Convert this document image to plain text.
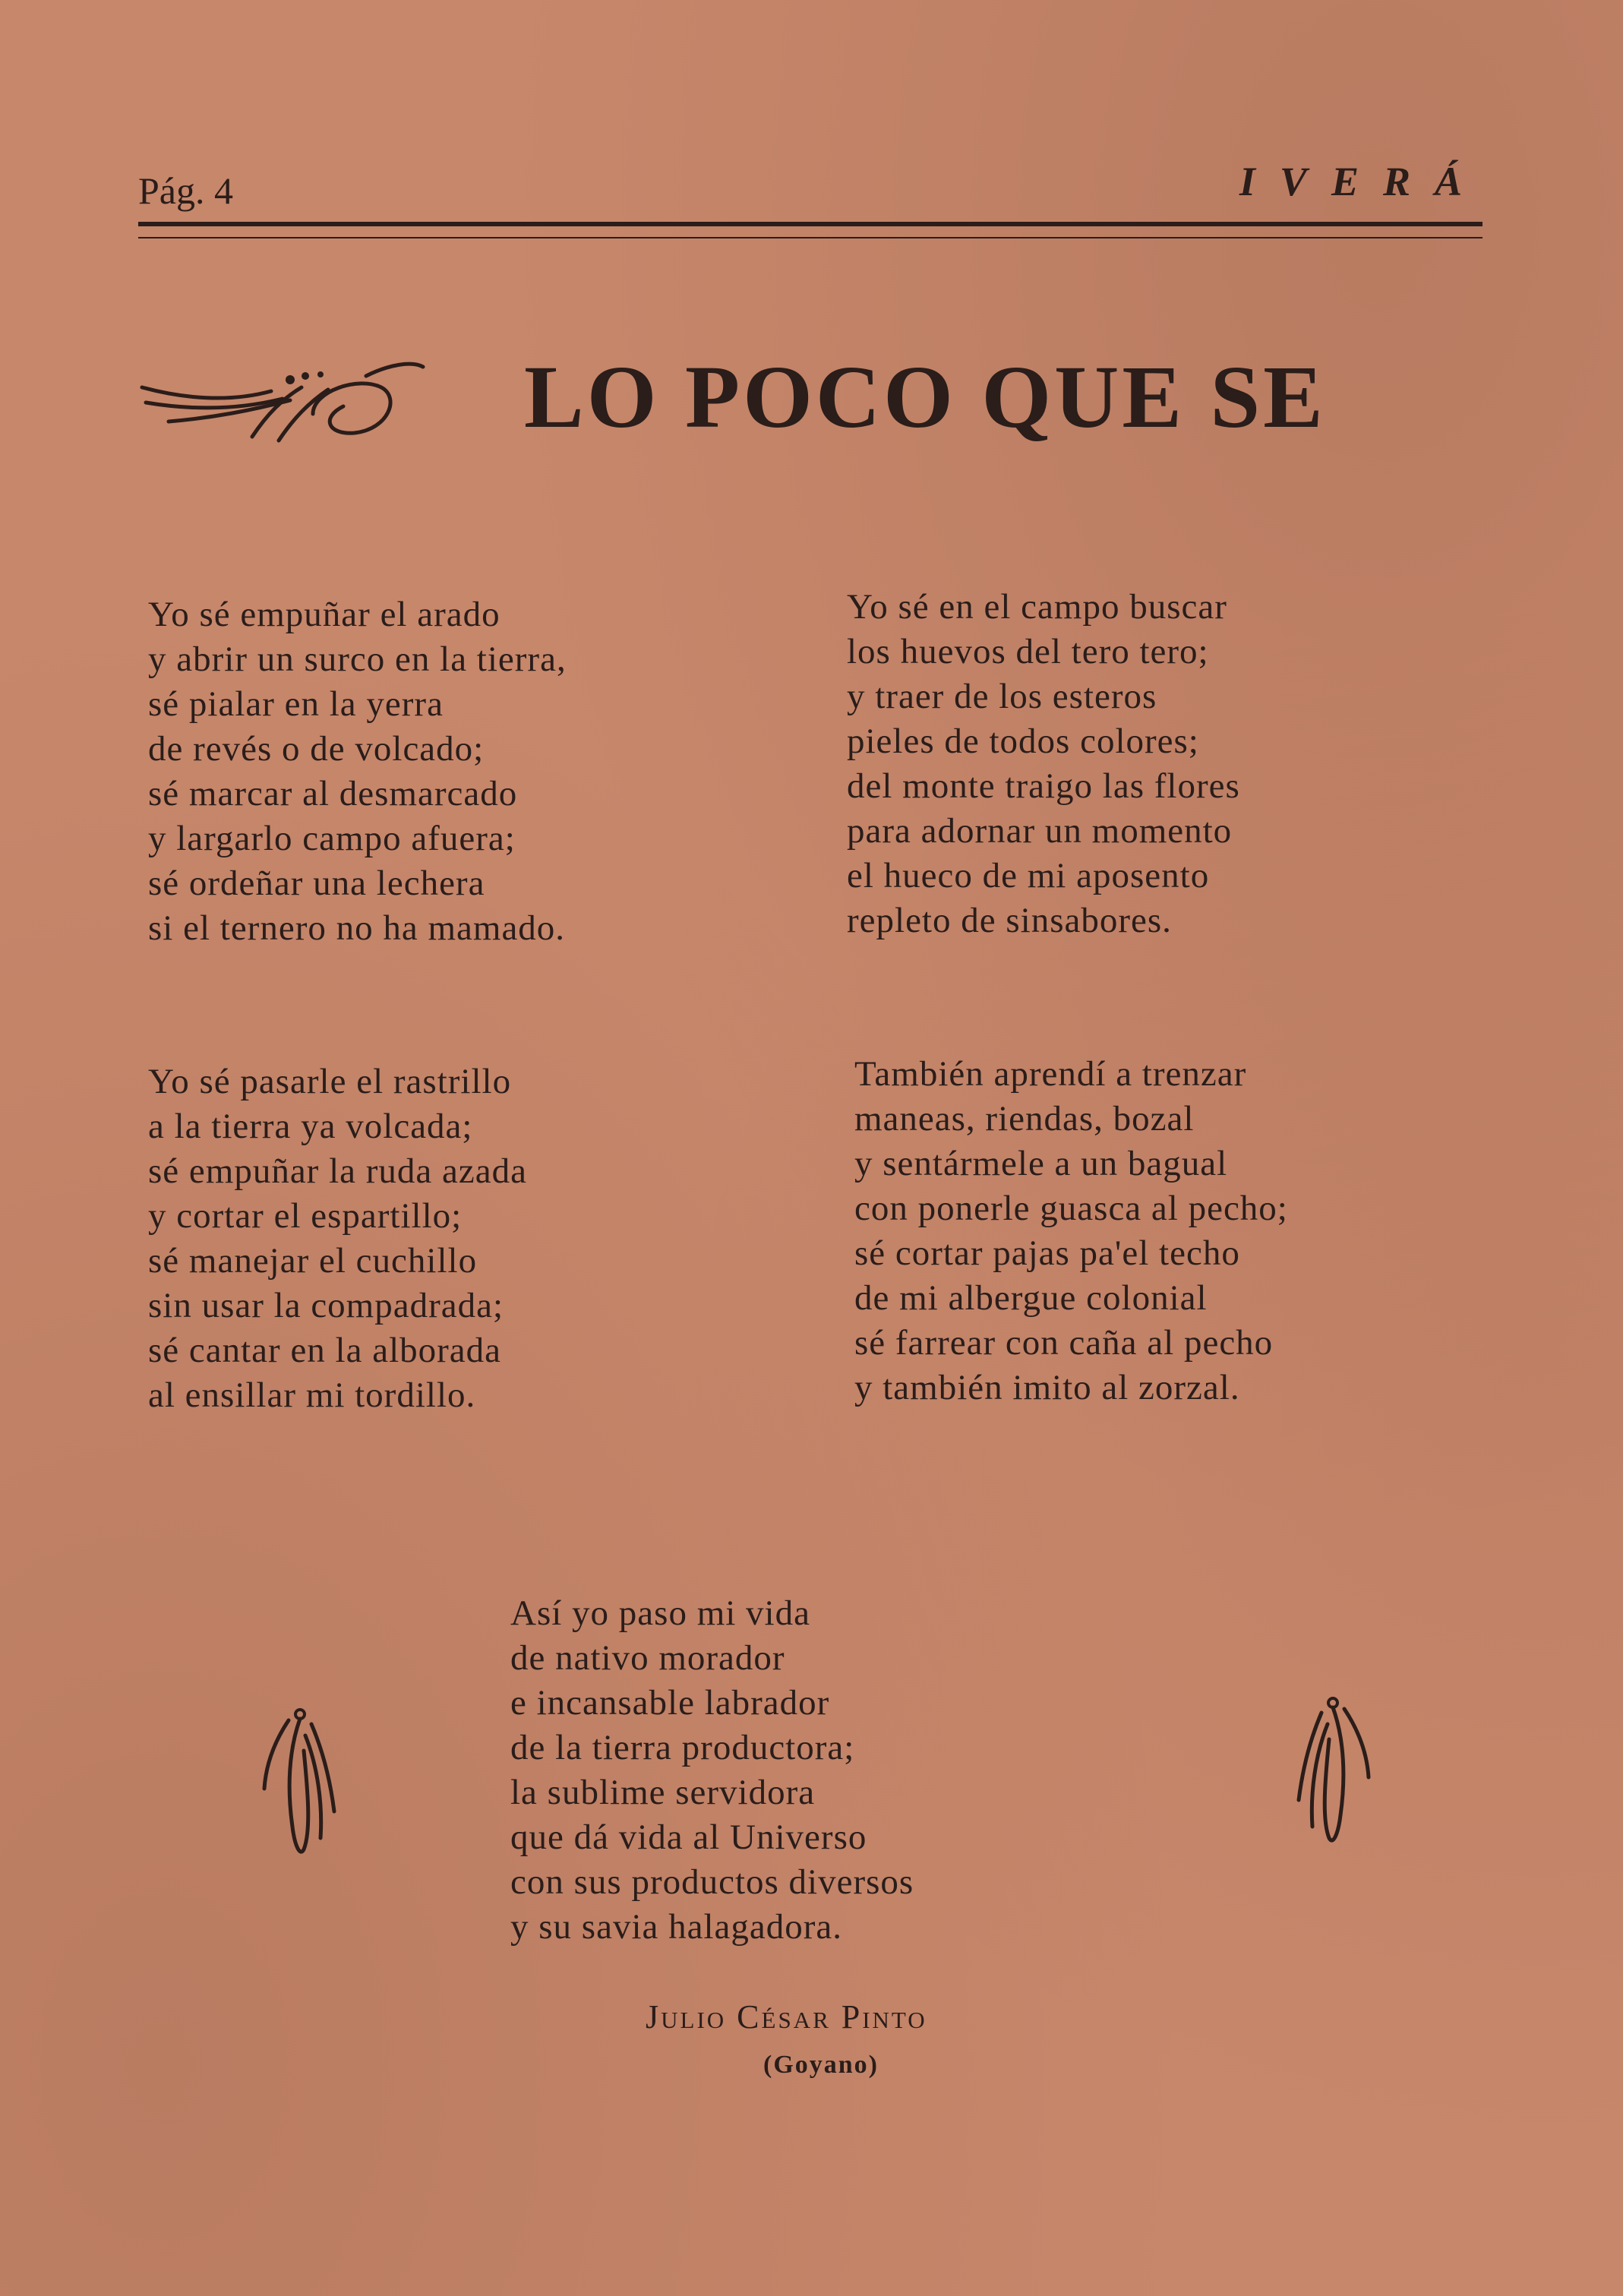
Pág. 4	IVERÁ
LO POCO QUE SE
Yo sé empuñar el arado
y abrir un surco en la tierra,
sé pialar en la yerra
de revés o de volcado;
sé marcar al desmarcado
y largarlo campo afuera;
sé ordeñar una lechera
si el ternero no ha mamado.
Yo sé en el campo buscar
los huevos del tero tero;
y traer de los esteros
pieles de todos colores;
del monte traigo las flores
para adornar un momento
el hueco de mi aposento
repleto de sinsabores.
Yo sé pasarle el rastrillo
a la tierra ya volcada;
sé empuñar la ruda azada
y cortar el espartillo;
sé manejar el cuchillo
sin usar la compadrada;
sé cantar en la alborada
al ensillar mi tordillo.
También aprendí a trenzar
maneas, riendas, bozal
y sentármele a un bagual
con ponerle guasca al pecho;
sé cortar pajas pa'el techo
de mi albergue colonial
sé farrear con caña al pecho
y también imito al zorzal.
Así yo paso mi vida
de nativo morador
e incansable labrador
de la tierra productora;
la sublime servidora
que dá vida al Universo
con sus productos diversos
y su savia halagadora.
Julio César Pinto
(Goyano)
